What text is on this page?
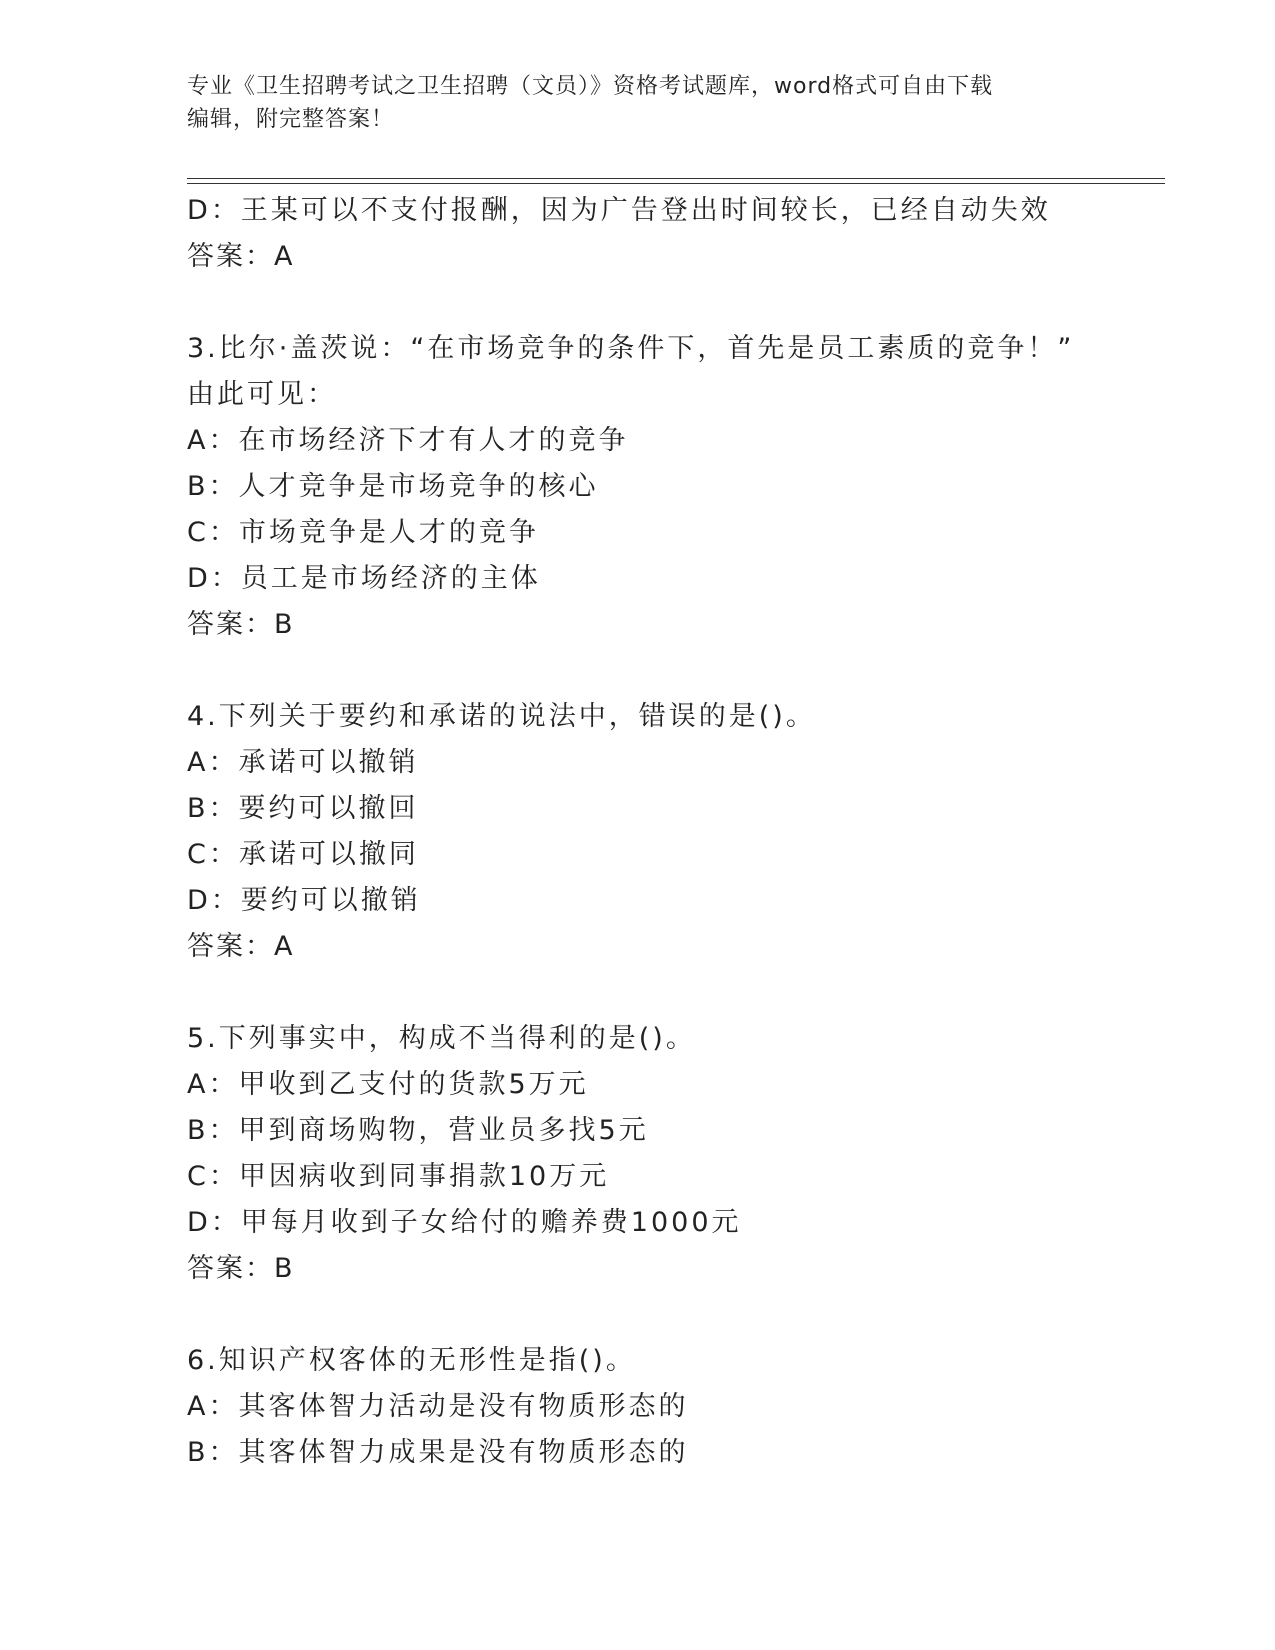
专业《卫生招聘考试之卫生招聘（文员）》资格考试题库，word格式可自由下载
编辑，附完整答案！
D：王某可以不支付报酬，因为广告登出时间较长，已经自动失效
答案：A
3.比尔·盖茨说：“在市场竞争的条件下，首先是员工素质的竞争！”
由此可见：
A：在市场经济下才有人才的竞争
B：人才竞争是市场竞争的核心
C：市场竞争是人才的竞争
D：员工是市场经济的主体
答案：B
4.下列关于要约和承诺的说法中，错误的是()。
A：承诺可以撤销
B：要约可以撤回
C：承诺可以撤同
D：要约可以撤销
答案：A
5.下列事实中，构成不当得利的是()。
A：甲收到乙支付的货款5万元
B：甲到商场购物，营业员多找5元
C：甲因病收到同事捐款10万元
D：甲每月收到子女给付的赡养费1000元
答案：B
6.知识产权客体的无形性是指()。
A：其客体智力活动是没有物质形态的
B：其客体智力成果是没有物质形态的
